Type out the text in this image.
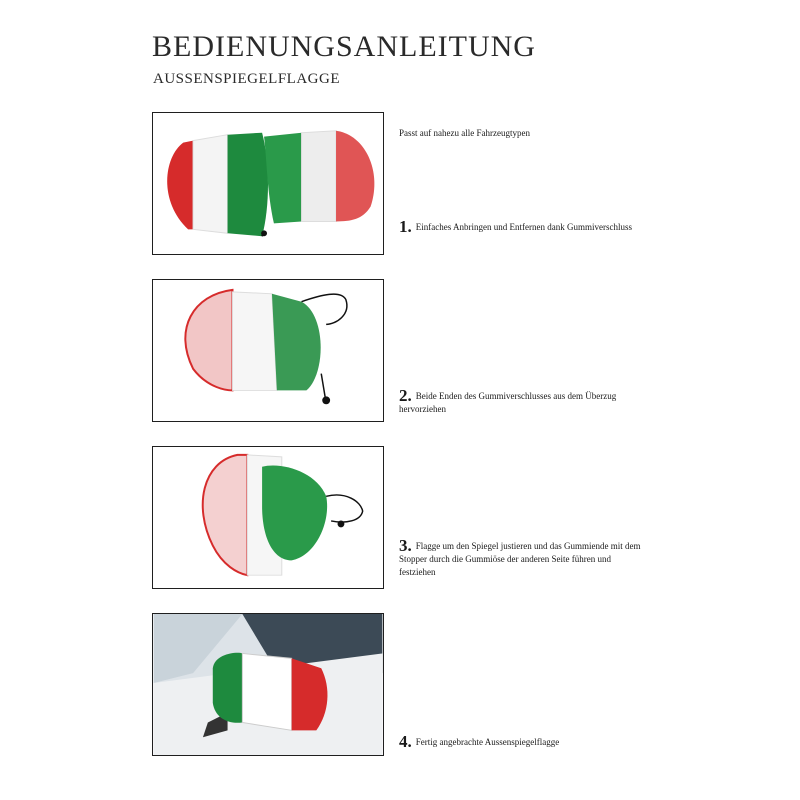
BEDIENUNGSANLEITUNG
AUSSENSPIEGELFLAGGE
Passt auf nahezu alle Fahrzeugtypen
1. Einfaches Anbringen und Entfernen dank Gummiverschluss
2. Beide Enden des Gummiverschlusses aus dem Überzug hervorziehen
3. Flagge um den Spiegel justieren und das Gummiende mit dem Stopper durch die Gummiöse der anderen Seite führen und festziehen
4. Fertig angebrachte Aussenspiegelflagge
